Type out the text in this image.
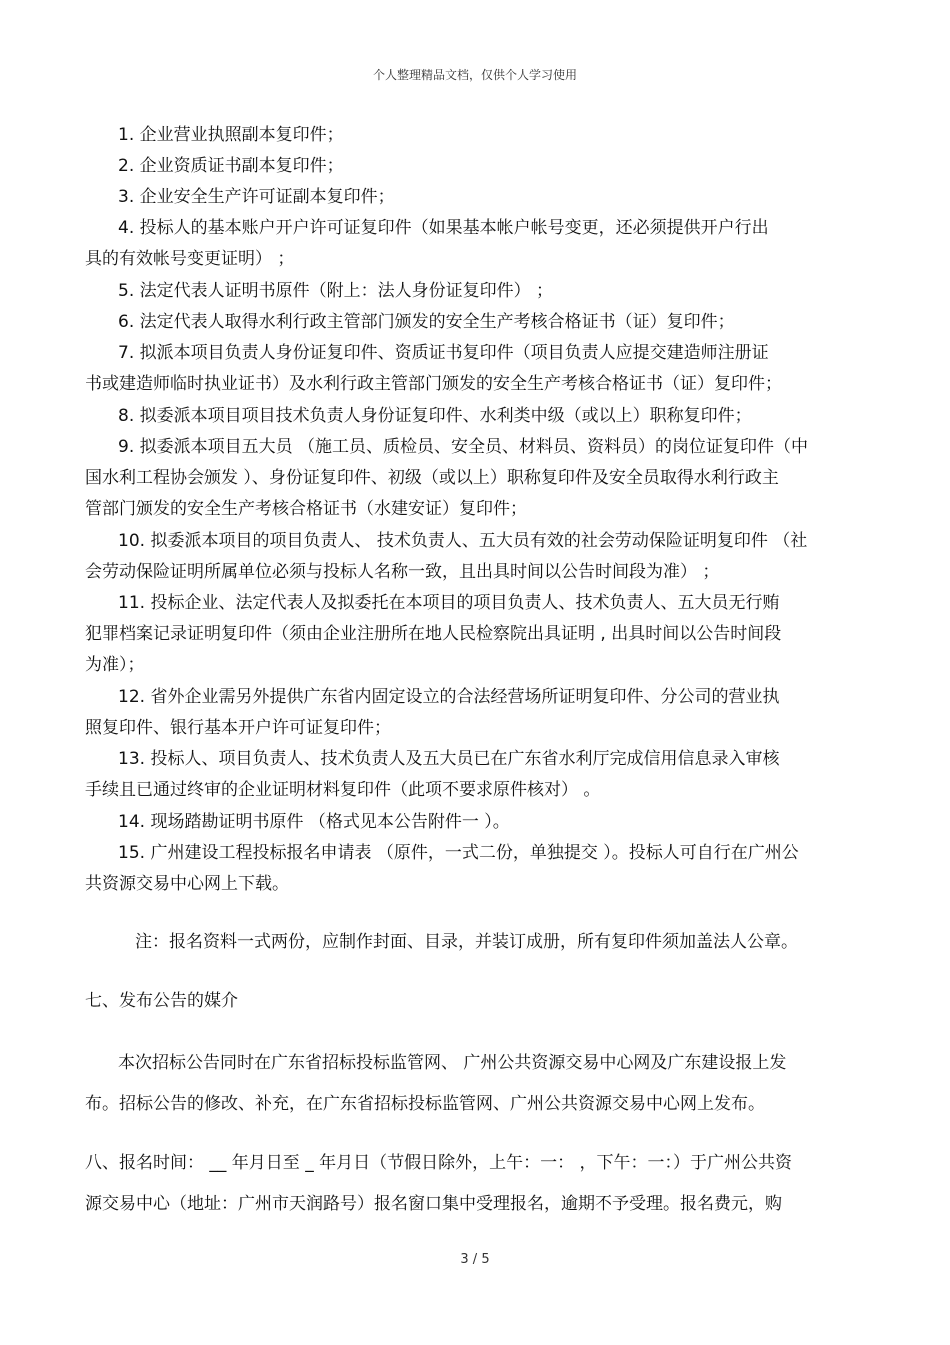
个人整理精品文档，仅供个人学习使用
1. 企业营业执照副本复印件；
2. 企业资质证书副本复印件；
3. 企业安全生产许可证副本复印件；
4. 投标人的基本账户开户许可证复印件（如果基本帐户帐号变更，还必须提供开户行出
具的有效帐号变更证明） ；
5. 法定代表人证明书原件（附上：法人身份证复印件） ；
6. 法定代表人取得水利行政主管部门颁发的安全生产考核合格证书（证）复印件；
7. 拟派本项目负责人身份证复印件、资质证书复印件（项目负责人应提交建造师注册证
书或建造师临时执业证书）及水利行政主管部门颁发的安全生产考核合格证书（证）复印件；
8. 拟委派本项目项目技术负责人身份证复印件、水利类中级（或以上）职称复印件；
9. 拟委派本项目五大员 （施工员、质检员、安全员、材料员、资料员）的岗位证复印件（中
国水利工程协会颁发 ）、身份证复印件、初级（或以上）职称复印件及安全员取得水利行政主
管部门颁发的安全生产考核合格证书（水建安证）复印件；
10. 拟委派本项目的项目负责人、 技术负责人、五大员有效的社会劳动保险证明复印件 （社
会劳动保险证明所属单位必须与投标人名称一致，且出具时间以公告时间段为准） ；
11. 投标企业、法定代表人及拟委托在本项目的项目负责人、技术负责人、五大员无行贿
犯罪档案记录证明复印件（须由企业注册所在地人民检察院出具证明 , 出具时间以公告时间段
为准）；
12. 省外企业需另外提供广东省内固定设立的合法经营场所证明复印件、分公司的营业执
照复印件、银行基本开户许可证复印件；
13. 投标人、项目负责人、技术负责人及五大员已在广东省水利厅完成信用信息录入审核
手续且已通过终审的企业证明材料复印件（此项不要求原件核对） 。
14. 现场踏勘证明书原件 （格式见本公告附件一 ）。
15. 广州建设工程投标报名申请表 （原件，一式二份，单独提交 ）。投标人可自行在广州公
共资源交易中心网上下载。
注：报名资料一式两份，应制作封面、目录，并装订成册，所有复印件须加盖法人公章。
七、发布公告的媒介
本次招标公告同时在广东省招标投标监管网、 广州公共资源交易中心网及广东建设报上发
布。招标公告的修改、补充，在广东省招标投标监管网、广州公共资源交易中心网上发布。
八、报名时间： __ 年月日至 _ 年月日（节假日除外，上午：一： ，下午：一：）于广州公共资
源交易中心（地址：广州市天润路号）报名窗口集中受理报名，逾期不予受理。报名费元，购
3 / 5
